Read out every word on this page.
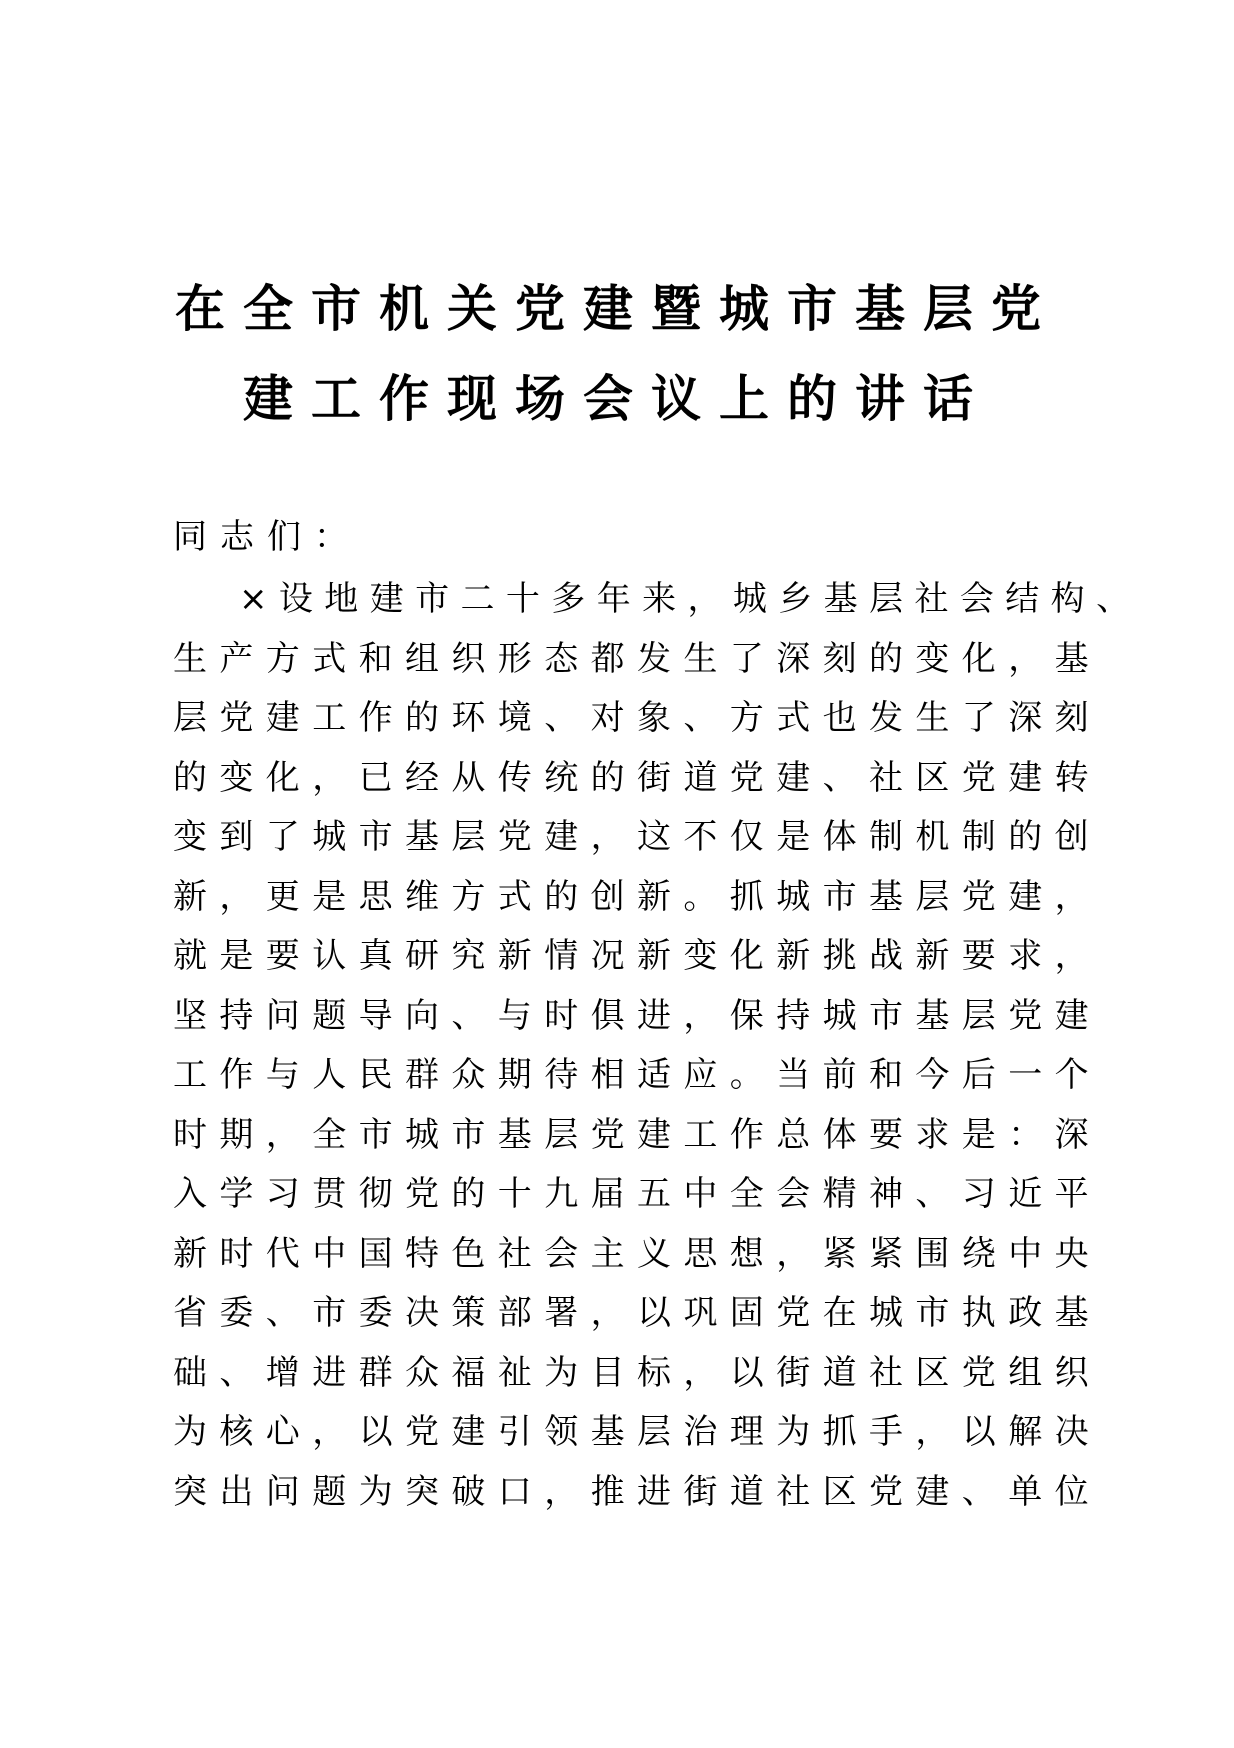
在全市机关党建暨城市基层党
建工作现场会议上的讲话

同志们：

×设地建市二十多年来，城乡基层社会结构、
生产方式和组织形态都发生了深刻的变化，基
层党建工作的环境、对象、方式也发生了深刻
的变化，已经从传统的街道党建、社区党建转
变到了城市基层党建，这不仅是体制机制的创
新，更是思维方式的创新。抓城市基层党建，
就是要认真研究新情况新变化新挑战新要求，
坚持问题导向、与时俱进，保持城市基层党建
工作与人民群众期待相适应。当前和今后一个
时期，全市城市基层党建工作总体要求是：深
入学习贯彻党的十九届五中全会精神、习近平
新时代中国特色社会主义思想，紧紧围绕中央
省委、市委决策部署，以巩固党在城市执政基
础、增进群众福祉为目标，以街道社区党组织
为核心，以党建引领基层治理为抓手，以解决
突出问题为突破口，推进街道社区党建、单位
